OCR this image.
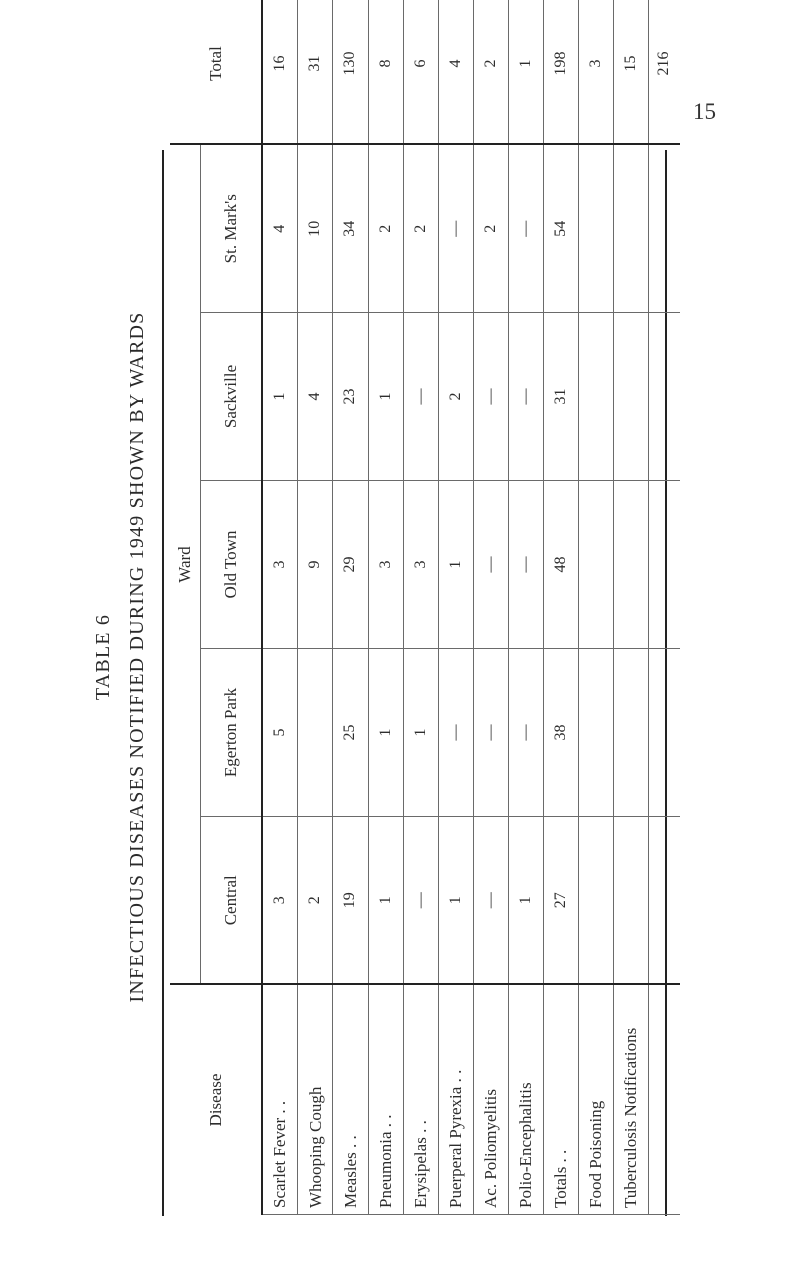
15
TABLE 6 INFECTIOUS DISEASES NOTIFIED DURING 1949 SHOWN BY WARDS
Disease	Ward					Total
	Central	Egerton Park	Old Town	Sackville	St. Mark's	
Scarlet Fever . .	3	5	3	1	4	16
Whooping Cough	2		9	4	10	31
Measles . .	19	25	29	23	34	130
Pneumonia . .	1	1	3	1	2	8
Erysipelas . .	—	1	3	—	2	6
Puerperal Pyrexia . .	1	—	1	2	—	4
Ac. Poliomyelitis	—	—	—	—	2	2
Polio-Encephalitis	1	—	—	—	—	1
Totals . .	27	38	48	31	54	198
Food Poisoning						3
Tuberculosis Notifications						15
						216
